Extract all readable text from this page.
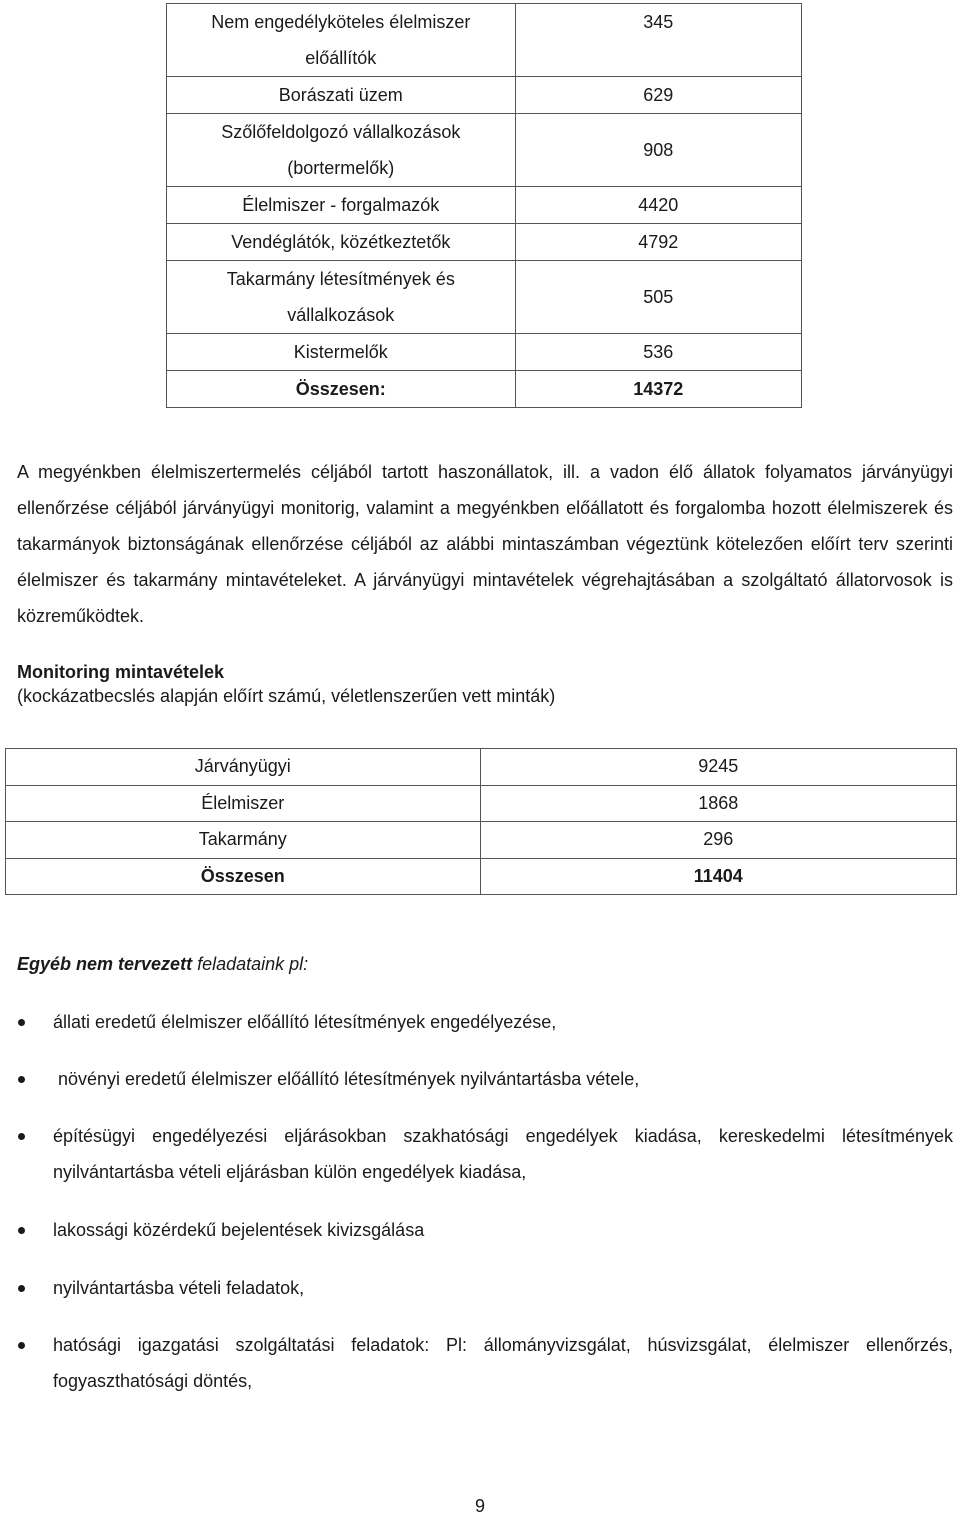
Nem engedélyköteles élelmiszer előállítók	345
Borászati üzem	629
Szőlőfeldolgozó vállalkozások (bortermelők)	908
Élelmiszer - forgalmazók	4420
Vendéglátók, közétkeztetők	4792
Takarmány létesítmények és vállalkozások	505
Kistermelők	536
Összesen:	14372

A megyénkben élelmiszertermelés céljából tartott haszonállatok, ill. a vadon élő állatok folyamatos járványügyi ellenőrzése céljából járványügyi monitorig, valamint a megyénkben előállatott és forgalomba hozott élelmiszerek és takarmányok biztonságának ellenőrzése céljából az alábbi mintaszámban végeztünk kötelezően előírt terv szerinti élelmiszer és takarmány mintavételeket. A járványügyi mintavételek végrehajtásában a szolgáltató állatorvosok is közreműködtek.

Monitoring mintavételek

(kockázatbecslés alapján előírt számú, véletlenszerűen vett minták)

Járványügyi	9245
Élelmiszer	1868
Takarmány	296
Összesen	11404

Egyéb nem tervezett feladataink pl:

állati eredetű élelmiszer előállító létesítmények engedélyezése,

növényi eredetű élelmiszer előállító létesítmények nyilvántartásba vétele,

építésügyi engedélyezési eljárásokban szakhatósági engedélyek kiadása, kereskedelmi létesítmények nyilvántartásba vételi eljárásban külön engedélyek kiadása,

lakossági közérdekű bejelentések kivizsgálása

nyilvántartásba vételi feladatok,

hatósági igazgatási szolgáltatási feladatok: Pl: állományvizsgálat, húsvizsgálat, élelmiszer ellenőrzés, fogyaszthatósági döntés,

9
